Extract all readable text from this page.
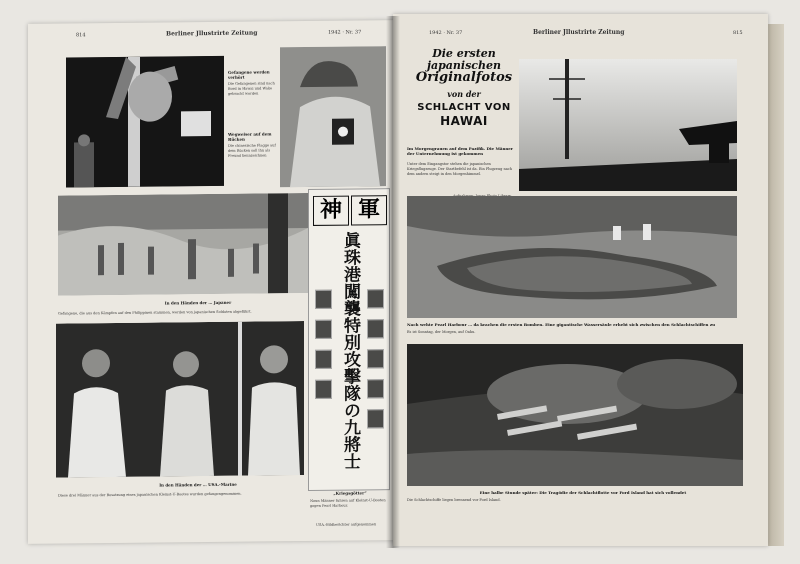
814	Berliner Jllustrirte Zeitung	1942 · Nr. 37
Gefangene werden verhört
Die Gefangenen sind nach Bord in Hawai und Wake gebracht worden
Wegweiser auf dem Rücken
Die chinesische Flagge auf dem Rücken soll ihn als Freund kennzeichnen
In den Händen der … Japaner
Gefangene, die aus den Kämpfen auf den Philippinen stammen, werden von japanischen Soldaten abgeführt.
神 軍
眞珠港闖襲特別攻擊隊の九將士
„Kriegsgötter“
Neun Männer fuhren auf Kleinst-U-Booten gegen Pearl Harbour.
USA.-Bildberichter aufgenommen
In den Händen der … USA.-Marine
Diese drei Männer aus der Besatzung eines japanischen Kleinst-U-Bootes wurden gefangengenommen.
1942 · Nr. 37	Berliner Jllustrirte Zeitung	815
Die ersten japanischen
Originalfotos
von der
SCHLACHT VON
HAWAI
Im Morgengrauen auf dem Pazifik. Die Männer der Unternehmung ist gekommen
Unter dem Eingangstor stehen die japanischen Kriegsflugzeuge. Der Startbefehl ist da. Ein Flugzeug nach dem andern steigt in den Morgenhimmel.
Nach wehte Pearl Harbour … da krachen die ersten Bomben. Eine gigantische Wassersäule erhebt sich zwischen den Schlachtschiffen zu
Es ist Sonntag, der Morgen, auf Oahu.
Eine halbe Stunde später: Die Tragödie der Schlachtflotte vor Ford Island hat sich vollendet
Die Schlachtschiffe liegen brennend vor Ford Island.
